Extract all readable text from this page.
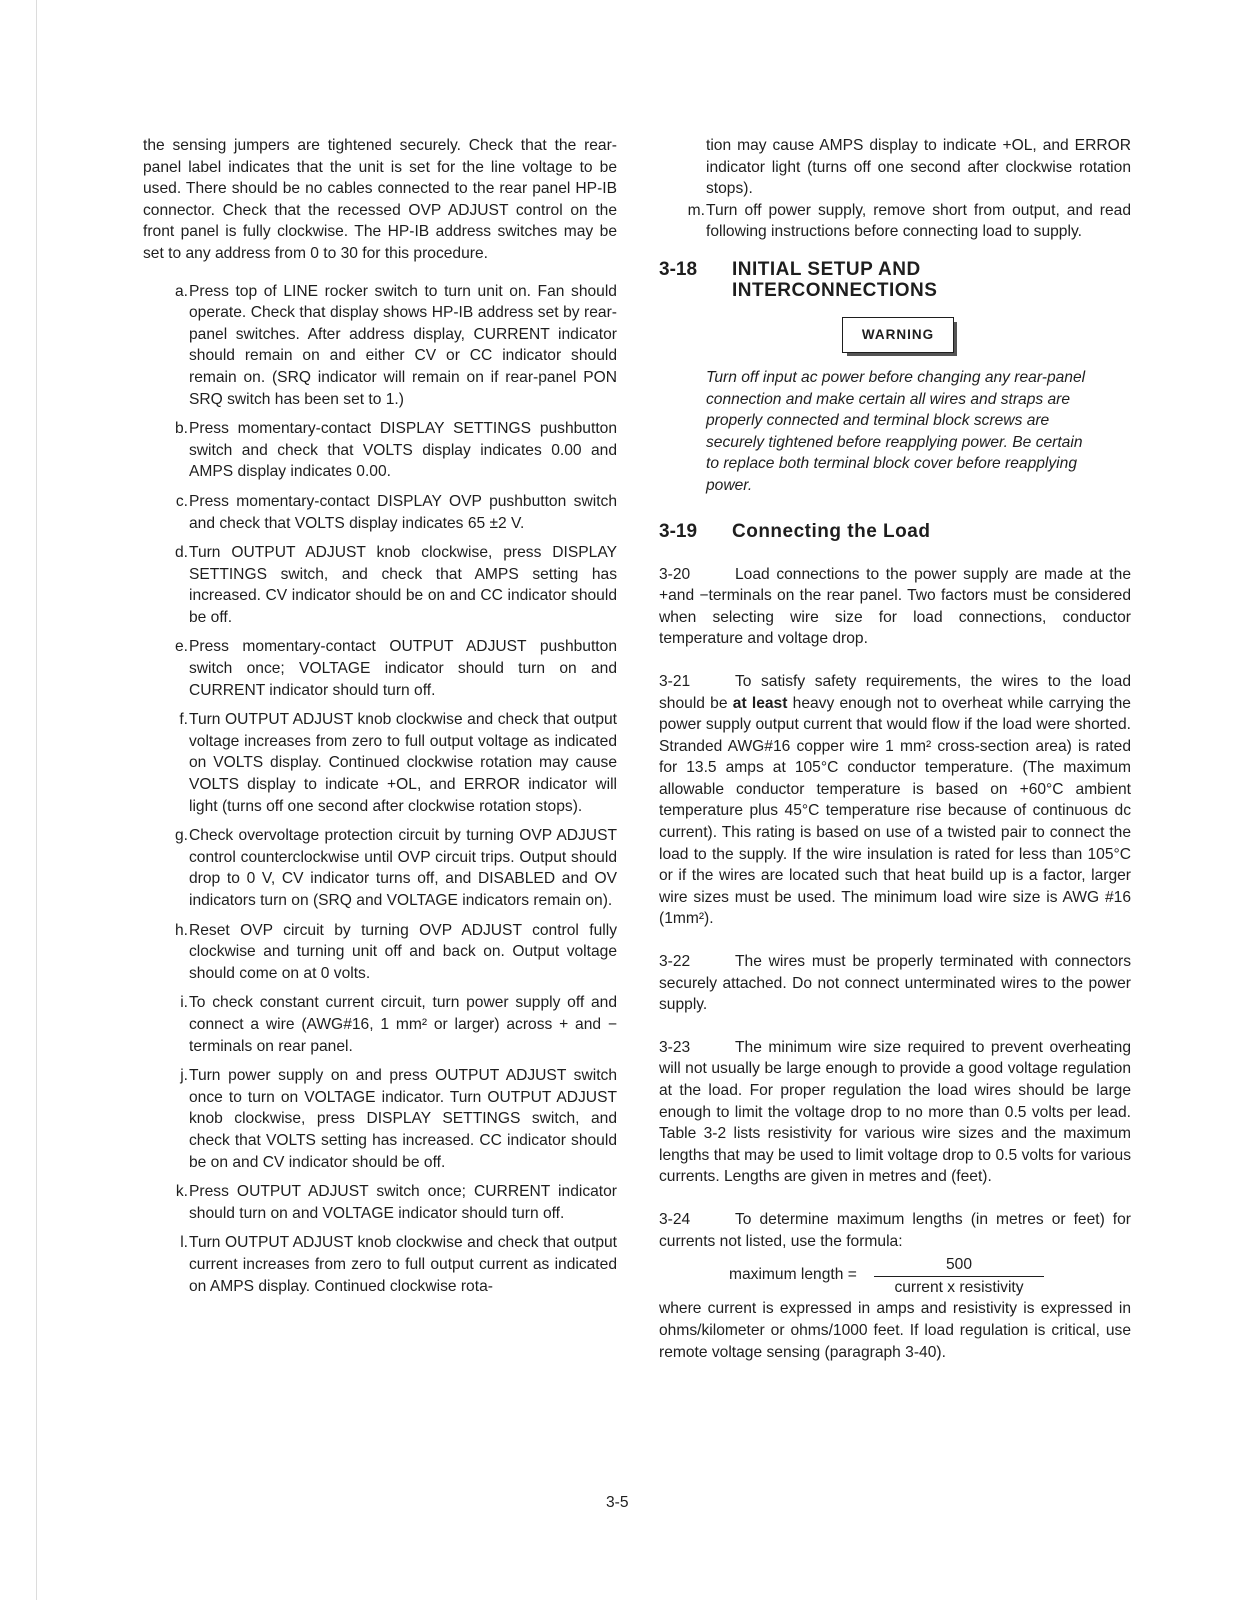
the sensing jumpers are tightened securely. Check that the rear-panel label indicates that the unit is set for the line voltage to be used. There should be no cables connected to the rear panel HP-IB connector. Check that the recessed OVP ADJUST control on the front panel is fully clockwise. The HP-IB address switches may be set to any address from 0 to 30 for this procedure.

a. Press top of LINE rocker switch to turn unit on. Fan should operate. Check that display shows HP-IB address set by rear-panel switches. After address display, CURRENT indicator should remain on and either CV or CC indicator should remain on. (SRQ indicator will remain on if rear-panel PON SRQ switch has been set to 1.)
b. Press momentary-contact DISPLAY SETTINGS pushbutton switch and check that VOLTS display indicates 0.00 and AMPS display indicates 0.00.
c. Press momentary-contact DISPLAY OVP pushbutton switch and check that VOLTS display indicates 65 ±2 V.
d. Turn OUTPUT ADJUST knob clockwise, press DISPLAY SETTINGS switch, and check that AMPS setting has increased. CV indicator should be on and CC indicator should be off.
e. Press momentary-contact OUTPUT ADJUST pushbutton switch once; VOLTAGE indicator should turn on and CURRENT indicator should turn off.
f. Turn OUTPUT ADJUST knob clockwise and check that output voltage increases from zero to full output voltage as indicated on VOLTS display. Continued clockwise rotation may cause VOLTS display to indicate +OL, and ERROR indicator will light (turns off one second after clockwise rotation stops).
g. Check overvoltage protection circuit by turning OVP ADJUST control counterclockwise until OVP circuit trips. Output should drop to 0 V, CV indicator turns off, and DISABLED and OV indicators turn on (SRQ and VOLTAGE indicators remain on).
h. Reset OVP circuit by turning OVP ADJUST control fully clockwise and turning unit off and back on. Output voltage should come on at 0 volts.
i. To check constant current circuit, turn power supply off and connect a wire (AWG#16, 1 mm² or larger) across + and − terminals on rear panel.
j. Turn power supply on and press OUTPUT ADJUST switch once to turn on VOLTAGE indicator. Turn OUTPUT ADJUST knob clockwise, press DISPLAY SETTINGS switch, and check that VOLTS setting has increased. CC indicator should be on and CV indicator should be off.
k. Press OUTPUT ADJUST switch once; CURRENT indicator should turn on and VOLTAGE indicator should turn off.
l. Turn OUTPUT ADJUST knob clockwise and check that output current increases from zero to full output current as indicated on AMPS display. Continued clockwise rota-

tion may cause AMPS display to indicate +OL, and ERROR indicator light (turns off one second after clockwise rotation stops).

m. Turn off power supply, remove short from output, and read following instructions before connecting load to supply.
3-18	INITIAL SETUP AND
INTERCONNECTIONS
WARNING

Turn off input ac power before changing any rear-panel connection and make certain all wires and straps are properly connected and terminal block screws are securely tightened before reapplying power. Be certain to replace both terminal block cover before reapplying power.

3-19	Connecting the Load

3-20	Load connections to the power supply are made at the +and −terminals on the rear panel. Two factors must be considered when selecting wire size for load connections, conductor temperature and voltage drop.

3-21	To satisfy safety requirements, the wires to the load should be at least heavy enough not to overheat while carrying the power supply output current that would flow if the load were shorted. Stranded AWG#16 copper wire 1 mm² cross-section area) is rated for 13.5 amps at 105°C conductor temperature. (The maximum allowable conductor temperature is based on +60°C ambient temperature plus 45°C temperature rise because of continuous dc current). This rating is based on use of a twisted pair to connect the load to the supply. If the wire insulation is rated for less than 105°C or if the wires are located such that heat build up is a factor, larger wire sizes must be used. The minimum load wire size is AWG #16 (1mm²).

3-22	The wires must be properly terminated with connectors securely attached. Do not connect unterminated wires to the power supply.

3-23	The minimum wire size required to prevent overheating will not usually be large enough to provide a good voltage regulation at the load. For proper regulation the load wires should be large enough to limit the voltage drop to no more than 0.5 volts per lead. Table 3-2 lists resistivity for various wire sizes and the maximum lengths that may be used to limit voltage drop to 0.5 volts for various currents. Lengths are given in metres and (feet).

3-24	To determine maximum lengths (in metres or feet) for currents not listed, use the formula:

maximum length =	$\frac{500}{\text{current x resistivity}}$

where current is expressed in amps and resistivity is expressed in ohms/kilometer or ohms/1000 feet. If load regulation is critical, use remote voltage sensing (paragraph 3-40).

3-5
